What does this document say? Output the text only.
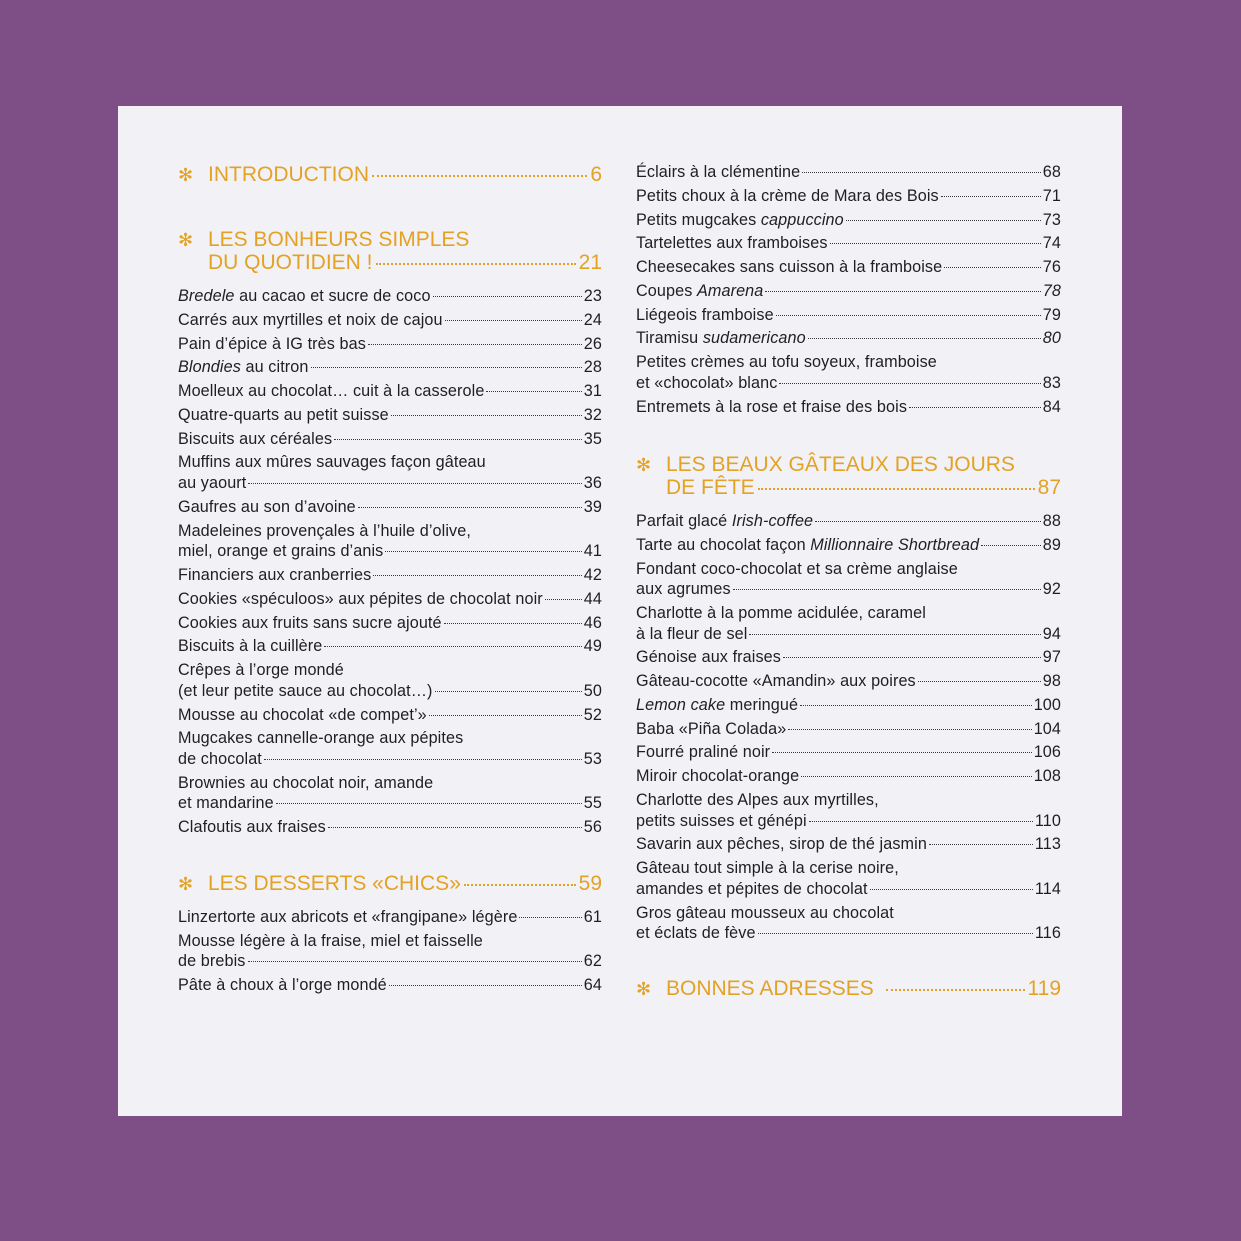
✻ INTRODUCTION	6
✻ LES BONHEURS SIMPLES
DU QUOTIDIEN !	21
Bredele au cacao et sucre de coco	23
Carrés aux myrtilles et noix de cajou	24
Pain d’épice à IG très bas	26
Blondies au citron	28
Moelleux au chocolat… cuit à la casserole	31
Quatre-quarts au petit suisse	32
Biscuits aux céréales	35
Muffins aux mûres sauvages façon gâteau
au yaourt	36
Gaufres au son d’avoine	39
Madeleines provençales à l’huile d’olive,
miel, orange et grains d’anis	41
Financiers aux cranberries	42
Cookies «spéculoos» aux pépites de chocolat noir	44
Cookies aux fruits sans sucre ajouté	46
Biscuits à la cuillère	49
Crêpes à l’orge mondé
(et leur petite sauce au chocolat…)	50
Mousse au chocolat «de compet’»	52
Mugcakes cannelle-orange aux pépites
de chocolat	53
Brownies au chocolat noir, amande
et mandarine	55
Clafoutis aux fraises	56
✻ LES DESSERTS «CHICS»	59
Linzertorte aux abricots et «frangipane» légère	61
Mousse légère à la fraise, miel et faisselle
de brebis	62
Pâte à choux à l’orge mondé	64
Éclairs à la clémentine	68
Petits choux à la crème de Mara des Bois	71
Petits mugcakes cappuccino	73
Tartelettes aux framboises	74
Cheesecakes sans cuisson à la framboise	76
Coupes Amarena	78
Liégeois framboise	79
Tiramisu sudamericano	80
Petites crèmes au tofu soyeux, framboise
et «chocolat» blanc	83
Entremets à la rose et fraise des bois	84
✻ LES BEAUX GÂTEAUX DES JOURS
DE FÊTE	87
Parfait glacé Irish-coffee	88
Tarte au chocolat façon Millionnaire Shortbread	89
Fondant coco-chocolat et sa crème anglaise
aux agrumes	92
Charlotte à la pomme acidulée, caramel
à la fleur de sel	94
Génoise aux fraises	97
Gâteau-cocotte «Amandin» aux poires	98
Lemon cake meringué	100
Baba «Piña Colada»	104
Fourré praliné noir	106
Miroir chocolat-orange	108
Charlotte des Alpes aux myrtilles,
petits suisses et génépi	110
Savarin aux pêches, sirop de thé jasmin	113
Gâteau tout simple à la cerise noire,
amandes et pépites de chocolat	114
Gros gâteau mousseux au chocolat
et éclats de fève	116
✻ BONNES ADRESSES	119
